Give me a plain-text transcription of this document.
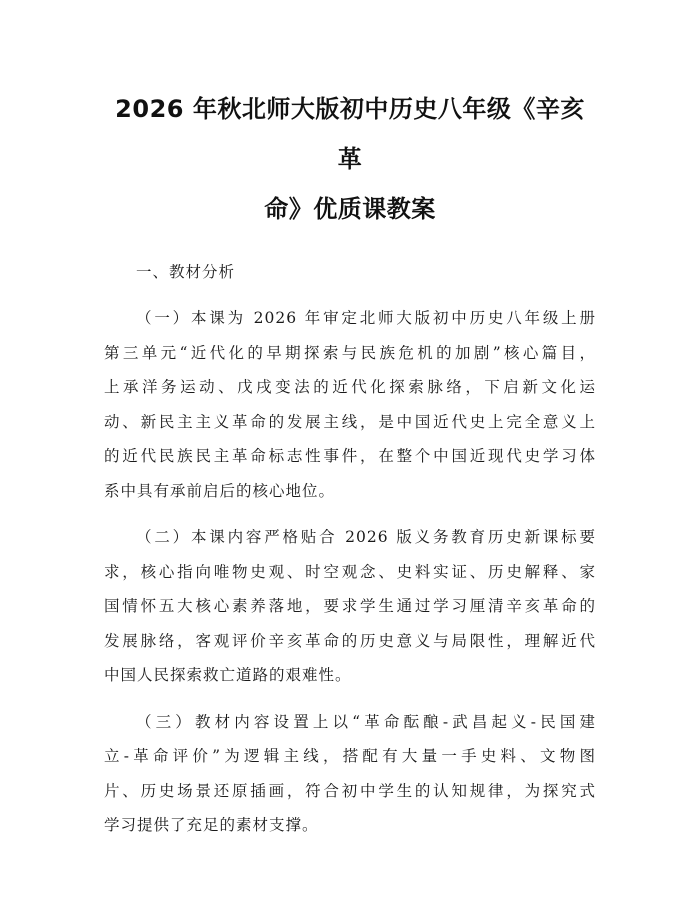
2026 年秋北师大版初中历史八年级《辛亥革
命》优质课教案

一、教材分析

（一）本课为 2026 年审定北师大版初中历史八年级上册
第三单元“近代化的早期探索与民族危机的加剧”核心篇目，
上承洋务运动、戊戌变法的近代化探索脉络，下启新文化运
动、新民主主义革命的发展主线，是中国近代史上完全意义上
的近代民族民主革命标志性事件，在整个中国近现代史学习体
系中具有承前启后的核心地位。

（二）本课内容严格贴合 2026 版义务教育历史新课标要
求，核心指向唯物史观、时空观念、史料实证、历史解释、家
国情怀五大核心素养落地，要求学生通过学习厘清辛亥革命的
发展脉络，客观评价辛亥革命的历史意义与局限性，理解近代
中国人民探索救亡道路的艰难性。

（三）教材内容设置上以“革命酝酿-武昌起义-民国建
立-革命评价”为逻辑主线，搭配有大量一手史料、文物图
片、历史场景还原插画，符合初中学生的认知规律，为探究式
学习提供了充足的素材支撑。
